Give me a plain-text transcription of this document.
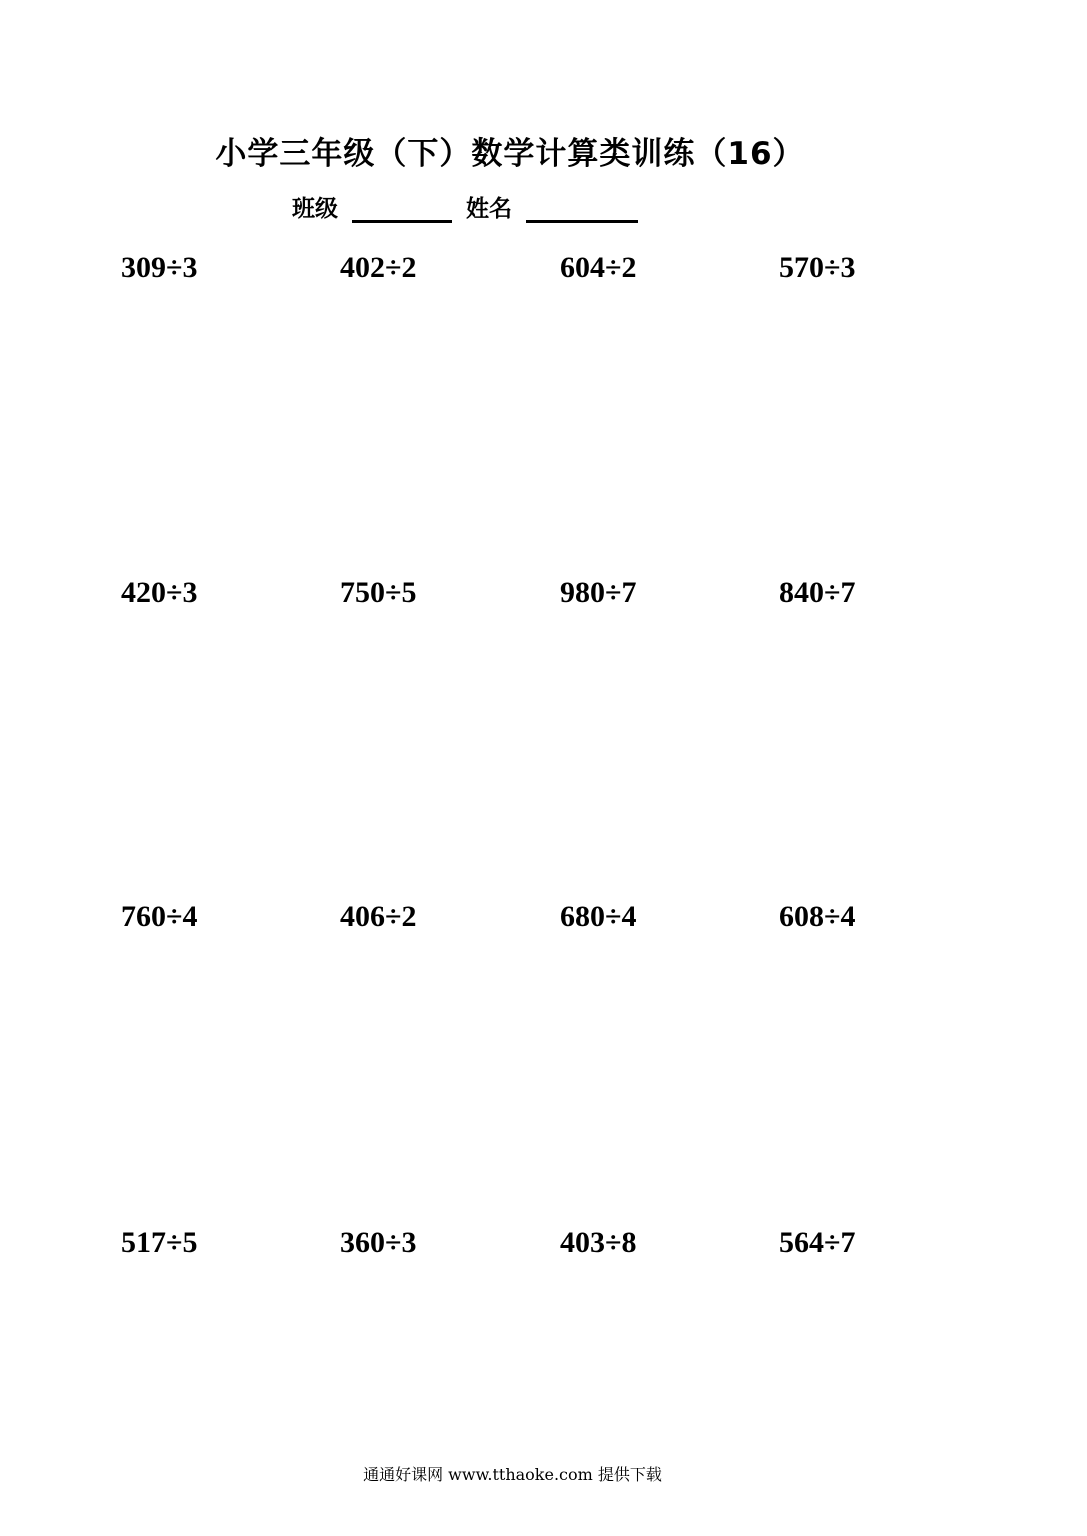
小学三年级（下）数学计算类训练（16）
班级	姓名
309÷3	402÷2	604÷2	570÷3
420÷3	750÷5	980÷7	840÷7
760÷4	406÷2	680÷4	608÷4
517÷5	360÷3	403÷8	564÷7
通通好课网 www.tthaoke.com 提供下载
